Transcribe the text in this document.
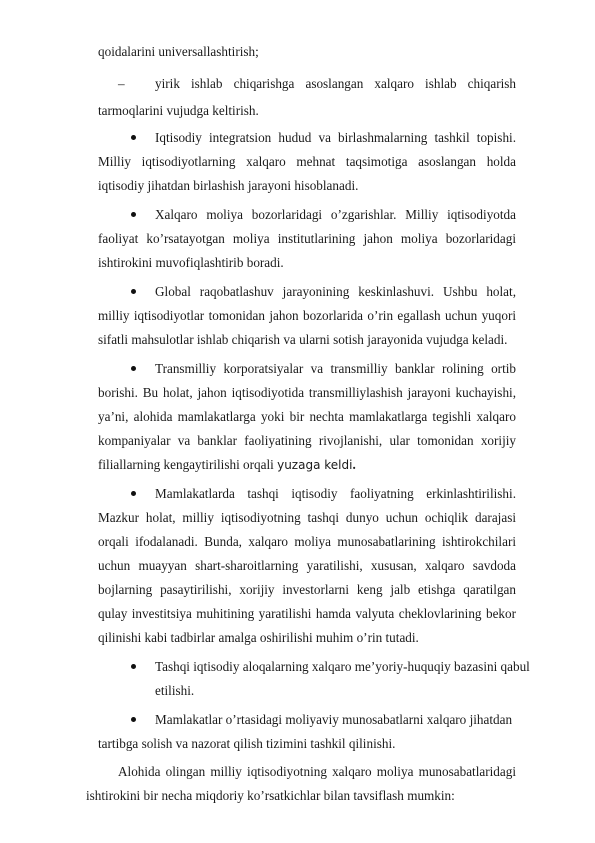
qoidalarini universallashtirish;
– yirik ishlab chiqarishga asoslangan xalqaro ishlab chiqarish
tarmoqlarini vujudga keltirish.
Iqtisodiy integratsion hudud va birlashmalarning tashkil topishi.
Milliy iqtisodiyotlarning xalqaro mehnat taqsimotiga asoslangan holda
iqtisodiy jihatdan birlashish jarayoni hisoblanadi.
Xalqaro moliya bozorlaridagi o’zgarishlar. Milliy iqtisodiyotda
faoliyat ko’rsatayotgan moliya institutlarining jahon moliya bozorlaridagi
ishtirokini muvofiqlashtirib boradi.
Global raqobatlashuv jarayonining keskinlashuvi. Ushbu holat,
milliy iqtisodiyotlar tomonidan jahon bozorlarida o’rin egallash uchun yuqori
sifatli mahsulotlar ishlab chiqarish va ularni sotish jarayonida vujudga keladi.
Transmilliy korporatsiyalar va transmilliy banklar rolining ortib
borishi. Bu holat, jahon iqtisodiyotida transmilliylashish jarayoni kuchayishi,
ya’ni, alohida mamlakatlarga yoki bir nechta mamlakatlarga tegishli xalqaro
kompaniyalar va banklar faoliyatining rivojlanishi, ular tomonidan xorijiy
filiallarning kengaytirilishi orqali yuzaga keldi.
Mamlakatlarda tashqi iqtisodiy faoliyatning erkinlashtirilishi.
Mazkur holat, milliy iqtisodiyotning tashqi dunyo uchun ochiqlik darajasi
orqali ifodalanadi. Bunda, xalqaro moliya munosabatlarining ishtirokchilari
uchun muayyan shart-sharoitlarning yaratilishi, xususan, xalqaro savdoda
bojlarning pasaytirilishi, xorijiy investorlarni keng jalb etishga qaratilgan
qulay investitsiya muhitining yaratilishi hamda valyuta cheklovlarining bekor
qilinishi kabi tadbirlar amalga oshirilishi muhim o’rin tutadi.
Tashqi iqtisodiy aloqalarning xalqaro me’yoriy-huquqiy bazasini qabul
etilishi.
Mamlakatlar o’rtasidagi moliyaviy munosabatlarni xalqaro jihatdan
tartibga solish va nazorat qilish tizimini tashkil qilinishi.
Alohida olingan milliy iqtisodiyotning xalqaro moliya munosabatlaridagi
ishtirokini bir necha miqdoriy ko’rsatkichlar bilan tavsiflash mumkin:
